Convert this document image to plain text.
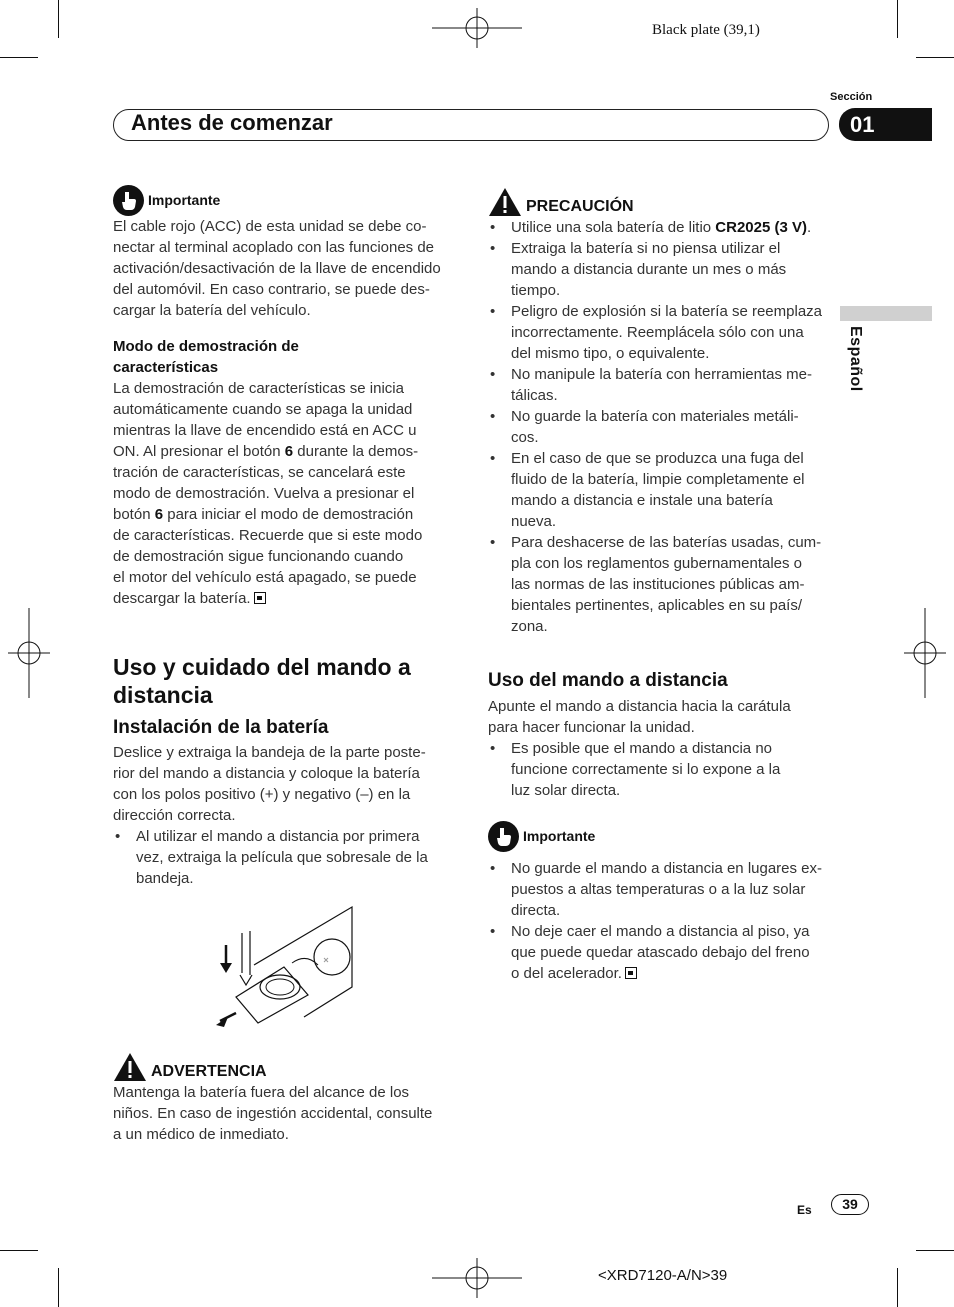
Black plate (39,1)
<XRD7120-A/N>39
Sección
Antes de comenzar	01
Español
Importante

El cable rojo (ACC) de esta unidad se debe co-
nectar al terminal acoplado con las funciones de
activación/desactivación de la llave de encendido
del automóvil. En caso contrario, se puede des-
cargar la batería del vehículo.

Modo de demostración de
características

La demostración de características se inicia
automáticamente cuando se apaga la unidad
mientras la llave de encendido está en ACC u
ON. Al presionar el botón 6 durante la demos-
tración de características, se cancelará este
modo de demostración. Vuelva a presionar el
botón 6 para iniciar el modo de demostración
de características. Recuerde que si este modo
de demostración sigue funcionando cuando
el motor del vehículo está apagado, se puede
descargar la batería.

Uso y cuidado del mando a
distancia
Instalación de la batería

Deslice y extraiga la bandeja de la parte poste-
rior del mando a distancia y coloque la batería
con los polos positivo (+) y negativo (–) en la
dirección correcta.

• Al utilizar el mando a distancia por primera
vez, extraiga la película que sobresale de la
bandeja.
ADVERTENCIA

Mantenga la batería fuera del alcance de los
niños. En caso de ingestión accidental, consulte
a un médico de inmediato.

PRECAUCIÓN
• Utilice una sola batería de litio CR2025 (3 V).
• Extraiga la batería si no piensa utilizar el
mando a distancia durante un mes o más
tiempo.
• Peligro de explosión si la batería se reemplaza
incorrectamente. Reemplácela sólo con una
del mismo tipo, o equivalente.
• No manipule la batería con herramientas me-
tálicas.
• No guarde la batería con materiales metáli-
cos.
• En el caso de que se produzca una fuga del
fluido de la batería, limpie completamente el
mando a distancia e instale una batería
nueva.
• Para deshacerse de las baterías usadas, cum-
pla con los reglamentos gubernamentales o
las normas de las instituciones públicas am-
bientales pertinentes, aplicables en su país/
zona.
Uso del mando a distancia

Apunte el mando a distancia hacia la carátula
para hacer funcionar la unidad.

• Es posible que el mando a distancia no
funcione correctamente si lo expone a la
luz solar directa.
Importante
• No guarde el mando a distancia en lugares ex-
puestos a altas temperaturas o a la luz solar
directa.
• No deje caer el mando a distancia al piso, ya
que puede quedar atascado debajo del freno
o del acelerador.
Es	39
